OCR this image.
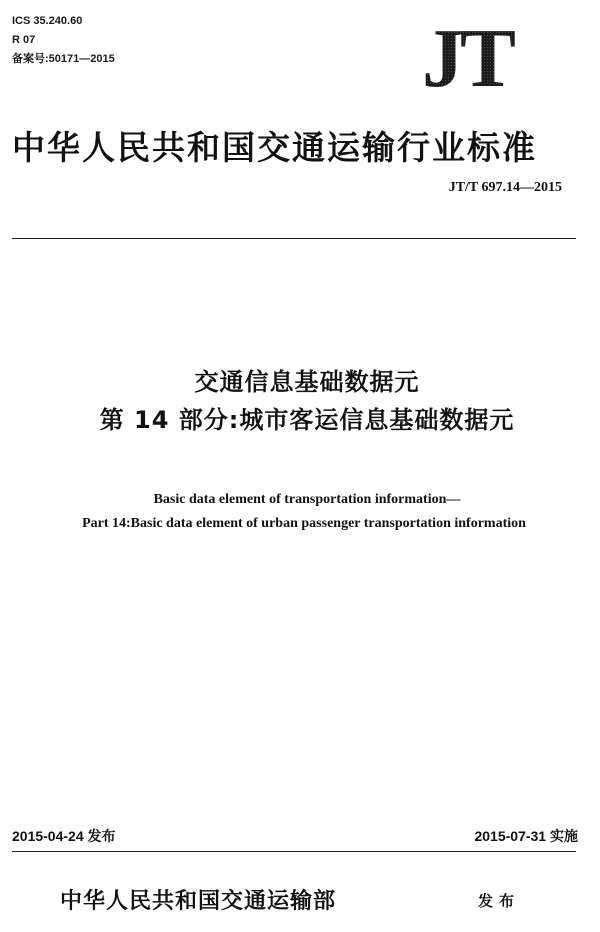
ICS 35.240.60
R 07
备案号:50171—2015	JT
中华人民共和国交通运输行业标准
JT/T 697.14—2015
交通信息基础数据元
第 14 部分:城市客运信息基础数据元
Basic data element of transportation information—
Part 14:Basic data element of urban passenger transportation information
2015-04-24 发布	2015-07-31 实施
中华人民共和国交通运输部	发布
